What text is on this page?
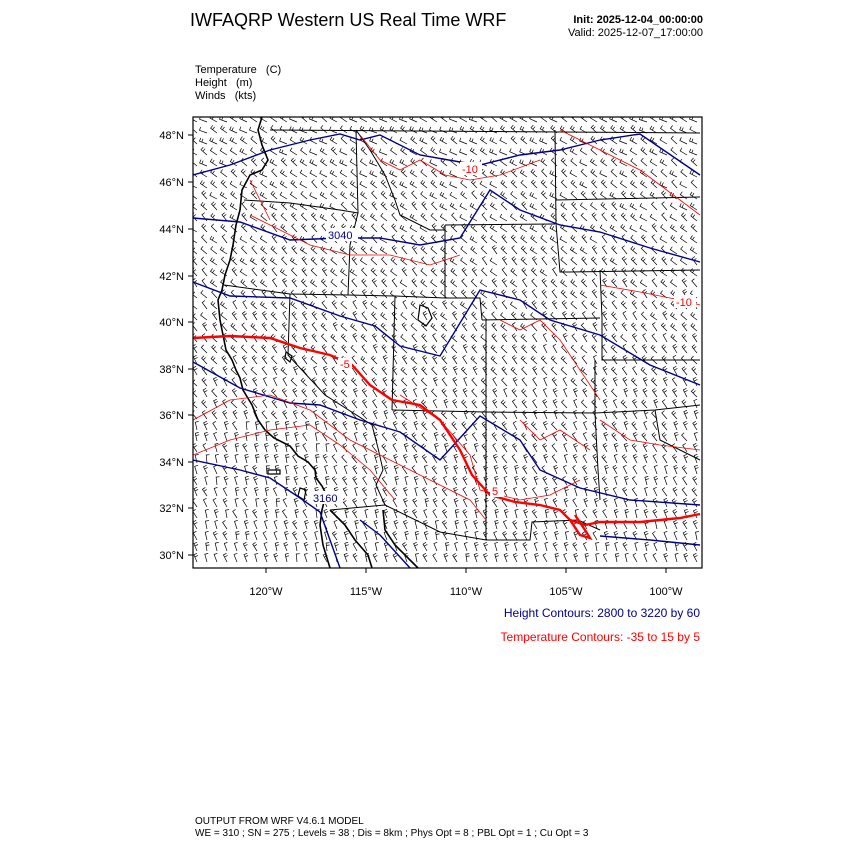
IWFAQRP Western US Real Time WRF	Init: 2025-12-04_00:00:00
Valid: 2025-12-07_17:00:00
Temperature   (C)
Height   (m)
Winds   (kts)
48°N
46°N
44°N
42°N
40°N
38°N
36°N
34°N
32°N
30°N
120°W	115°W	110°W	105°W	100°W
3040
3160
-10
-10
-5
5
Height Contours: 2800 to 3220 by 60
Temperature Contours: -35 to 15 by 5
OUTPUT FROM WRF V4.6.1 MODEL
WE = 310 ; SN = 275 ; Levels = 38 ; Dis = 8km ; Phys Opt = 8 ; PBL Opt = 1 ; Cu Opt = 3
